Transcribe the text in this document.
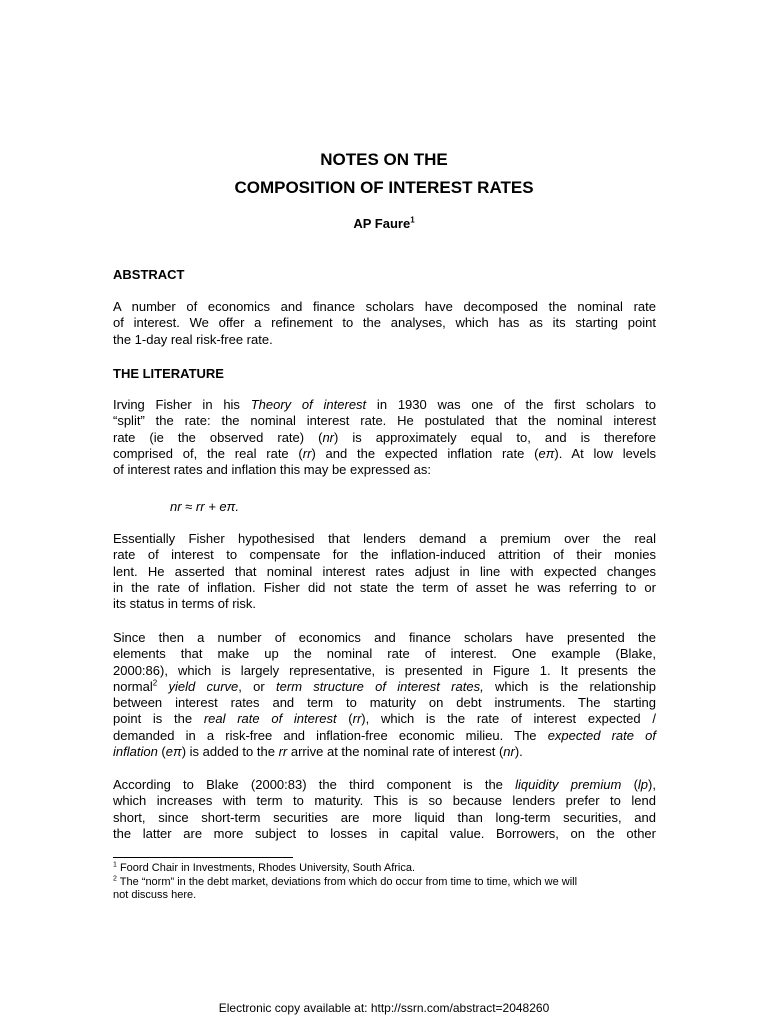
NOTES ON THE
COMPOSITION OF INTEREST RATES
AP Faure$^1$
ABSTRACT
A number of economics and finance scholars have decomposed the nominal rate
of interest. We offer a refinement to the analyses, which has as its starting point
the 1-day real risk-free rate.
THE LITERATURE
Irving Fisher in his Theory of interest in 1930 was one of the first scholars to
“split” the rate: the nominal interest rate. He postulated that the nominal interest
rate (ie the observed rate) (nr) is approximately equal to, and is therefore
comprised of, the real rate (rr) and the expected inflation rate (eπ). At low levels
of interest rates and inflation this may be expressed as:
nr ≈ rr + eπ.
Essentially Fisher hypothesised that lenders demand a premium over the real
rate of interest to compensate for the inflation-induced attrition of their monies
lent. He asserted that nominal interest rates adjust in line with expected changes
in the rate of inflation. Fisher did not state the term of asset he was referring to or
its status in terms of risk.
Since then a number of economics and finance scholars have presented the
elements that make up the nominal rate of interest. One example (Blake,
2000:86), which is largely representative, is presented in Figure 1. It presents the
normal$^2$ yield curve, or term structure of interest rates, which is the relationship
between interest rates and term to maturity on debt instruments. The starting
point is the real rate of interest (rr), which is the rate of interest expected /
demanded in a risk-free and inflation-free economic milieu. The expected rate of
inflation (eπ) is added to the rr arrive at the nominal rate of interest (nr).
According to Blake (2000:83) the third component is the liquidity premium (lp),
which increases with term to maturity. This is so because lenders prefer to lend
short, since short-term securities are more liquid than long-term securities, and
the latter are more subject to losses in capital value. Borrowers, on the other
$^1$ Foord Chair in Investments, Rhodes University, South Africa.
$^2$ The “norm” in the debt market, deviations from which do occur from time to time, which we will
not discuss here.
Electronic copy available at: http://ssrn.com/abstract=2048260
